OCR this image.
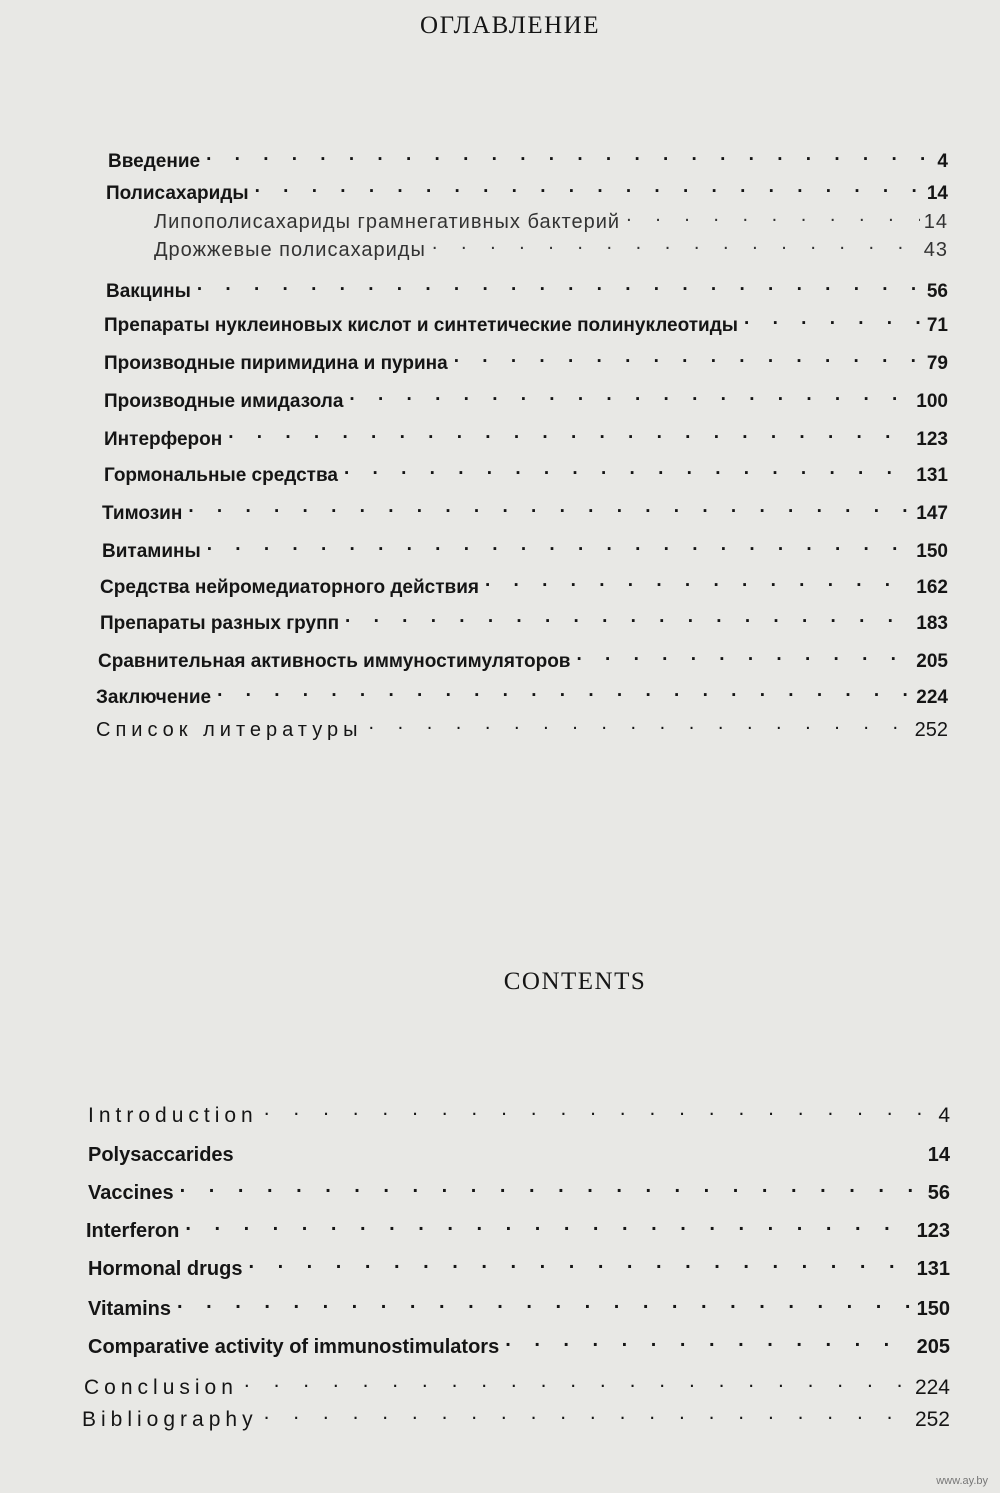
ОГЛАВЛЕНИЕ
Введение . . .	4
Полисахариды . . .	14
Липополисахариды грамнегативных бактерий . . .	14
Дрожжевые полисахариды . . .	43
Вакцины . . .	56
Препараты нуклеиновых кислот и синтетические полинуклеотиды . . .	71
Производные пиримидина и пурина . . .	79
Производные имидазола . . .	100
Интерферон . . .	123
Гормональные средства . . .	131
Тимозин . . .	147
Витамины . . .	150
Средства нейромедиаторного действия . . .	162
Препараты разных групп . . .	183
Сравнительная активность иммуностимуляторов . . .	205
Заключение . . .	224
Список литературы . . .	252
CONTENTS
Introduction . . .	4
Polysaccarides	14
Vaccines . . .	56
Interferon . . .	123
Hormonal drugs . . .	131
Vitamins . . .	150
Comparative activity of immunostimulators . . .	205
Conclusion . . .	224
Bibliography . . .	252
www.ay.by
